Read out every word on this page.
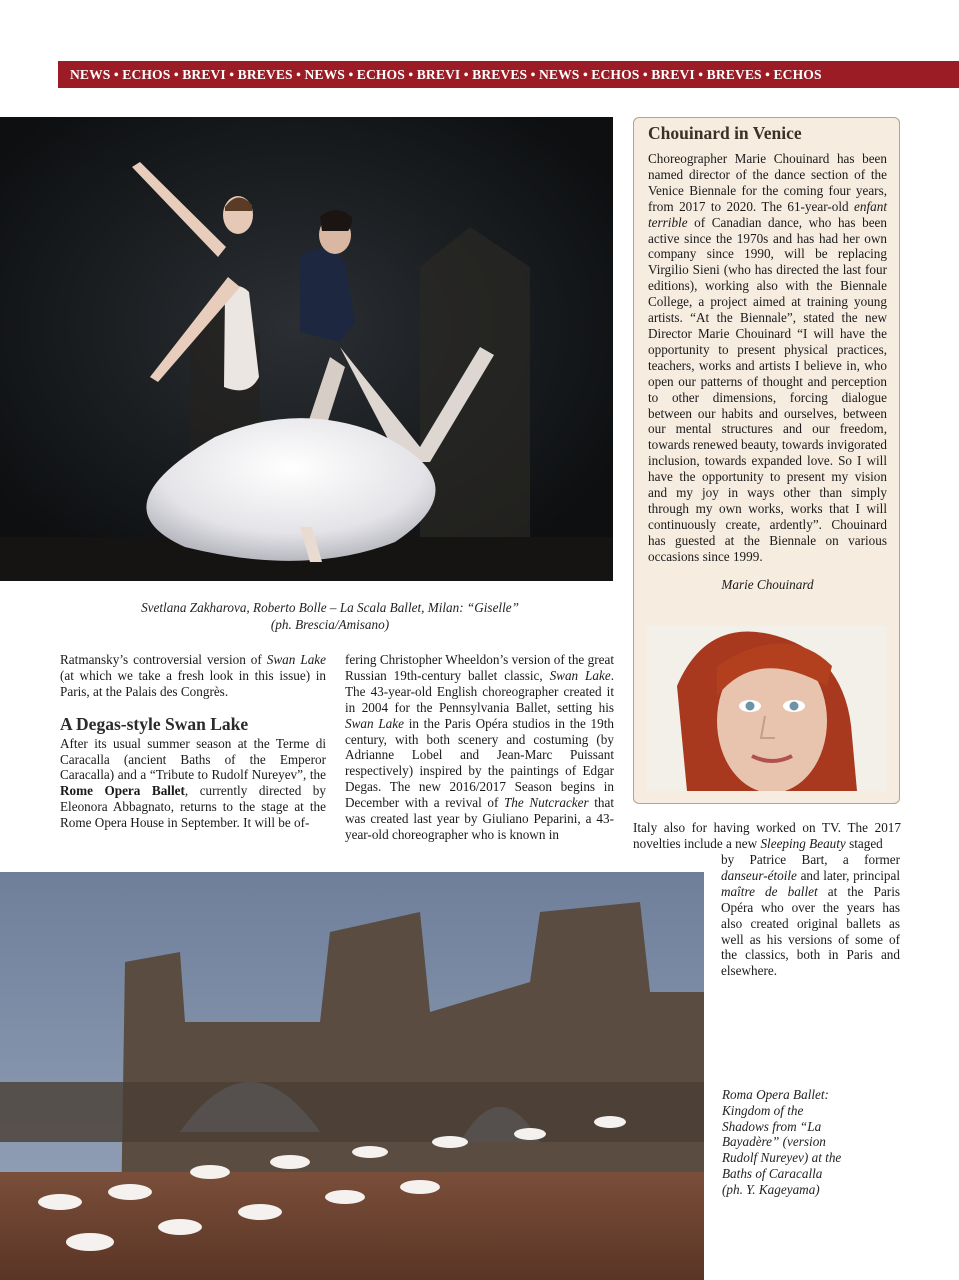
NEWS • ECHOS • BREVI • BREVES • NEWS • ECHOS • BREVI • BREVES • NEWS • ECHOS • BREVI • BREVES • ECHOS
Svetlana Zakharova, Roberto Bolle – La Scala Ballet, Milan: “Giselle”
(ph. Brescia/Amisano)
Chouinard in Venice
Choreographer Marie Chouinard has been named director of the dance section of the Venice Biennale for the coming four years, from 2017 to 2020. The 61-year-old enfant terrible of Canadian dance, who has been active since the 1970s and has had her own company since 1990, will be replacing Virgilio Sieni (who has directed the last four editions), working also with the Biennale College, a project aimed at training young artists. “At the Biennale”, stated the new Director Marie Chouinard “I will have the opportunity to present physical practices, teachers, works and artists I believe in, who open our patterns of thought and perception to other dimensions, forcing dialogue between our habits and ourselves, between our mental structures and our freedom, towards renewed beauty, towards invigorated inclusion, towards expanded love. So I will have the opportunity to present my vision and my joy in ways other than simply through my own works, works that I will continuously create, ardently”. Chouinard has guested at the Biennale on various occasions since 1999.
Marie Chouinard

Ratmansky’s controversial version of Swan Lake (at which we take a fresh look in this issue) in Paris, at the Palais des Congrès.

A Degas-style Swan Lake

After its usual summer season at the Terme di Caracalla (ancient Baths of the Emperor Caracalla) and a “Tribute to Rudolf Nureyev”, the Rome Opera Ballet, currently directed by Eleonora Abbagnato, returns to the stage at the Rome Opera House in September. It will be of-

fering Christopher Wheeldon’s version of the great Russian 19th-century ballet classic, Swan Lake. The 43-year-old English choreographer created it in 2004 for the Pennsylvania Ballet, setting his Swan Lake in the Paris Opéra studios in the 19th century, with both scenery and costuming (by Adrianne Lobel and Jean-Marc Puissant respectively) inspired by the paintings of Edgar Degas. The new 2016/2017 Season begins in December with a revival of The Nutcracker that was created last year by Giuliano Peparini, a 43-year-old choreographer who is known in	Italy also for having worked on TV. The 2017 novelties include a new Sleeping Beauty staged

by Patrice Bart, a former danseur-étoile and later, principal maître de ballet at the Paris Opéra who over the years has also created original ballets as well as his versions of some of the classics, both in Paris and elsewhere.

Roma Opera Ballet:
Kingdom of the
Shadows from “La
Bayadère” (version
Rudolf Nureyev) at the
Baths of Caracalla
(ph. Y. Kageyama)
